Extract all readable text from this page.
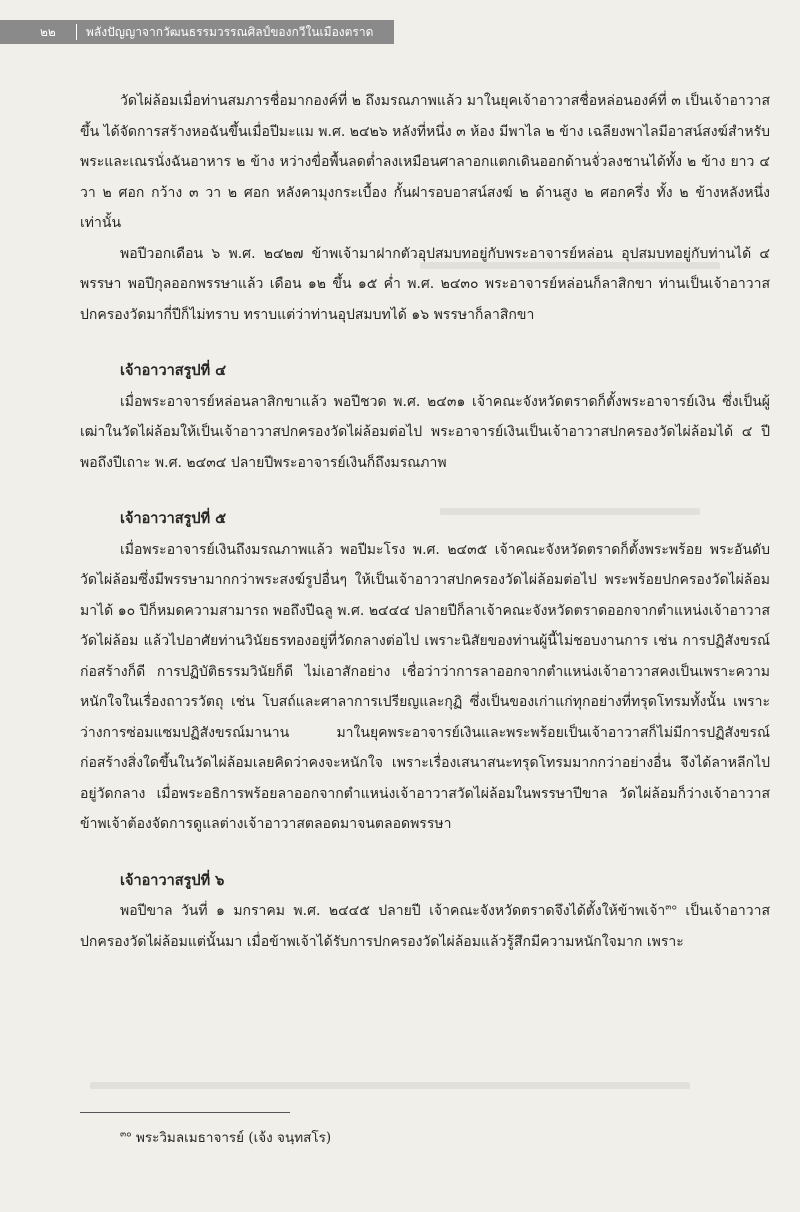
๒๒	พลังปัญญาจากวัฒนธรรมวรรณศิลป์ของกวีในเมืองตราด

วัดไผ่ล้อมเมื่อท่านสมภารชื่อมากองค์ที่ ๒ ถึงมรณภาพแล้ว มาในยุคเจ้าอาวาสชื่อหล่อนองค์ที่ ๓ เป็นเจ้าอาวาสขึ้น ได้จัดการสร้างหอฉันขึ้นเมื่อปีมะแม พ.ศ. ๒๔๒๖ หลังที่หนึ่ง ๓ ห้อง มีพาไล ๒ ข้าง เฉลียงพาไลมีอาสน์สงฆ์สำหรับพระและเณรนั่งฉันอาหาร ๒ ข้าง หว่างขื่อพื้นลดต่ำลงเหมือนศาลาอกแตกเดินออกด้านจั่วลงชานได้ทั้ง ๒ ข้าง ยาว ๔ วา ๒ ศอก กว้าง ๓ วา ๒ ศอก หลังคามุงกระเบื้อง กั้นฝารอบอาสน์สงฆ์ ๒ ด้านสูง ๒ ศอกครึ่ง ทั้ง ๒ ข้างหลังหนึ่งเท่านั้น

พอปีวอกเดือน ๖ พ.ศ. ๒๔๒๗ ข้าพเจ้ามาฝากตัวอุปสมบทอยู่กับพระอาจารย์หล่อน อุปสมบทอยู่กับท่านได้ ๔ พรรษา พอปีกุลออกพรรษาแล้ว เดือน ๑๒ ขึ้น ๑๕ ค่ำ พ.ศ. ๒๔๓๐ พระอาจารย์หล่อนก็ลาสิกขา ท่านเป็นเจ้าอาวาสปกครองวัดมากี่ปีก็ไม่ทราบ ทราบแต่ว่าท่านอุปสมบทได้ ๑๖ พรรษาก็ลาสิกขา

เจ้าอาวาสรูปที่ ๔

เมื่อพระอาจารย์หล่อนลาสิกขาแล้ว พอปีชวด พ.ศ. ๒๔๓๑ เจ้าคณะจังหวัดตราดก็ตั้งพระอาจารย์เงิน ซึ่งเป็นผู้เฒ่าในวัดไผ่ล้อมให้เป็นเจ้าอาวาสปกครองวัดไผ่ล้อมต่อไป พระอาจารย์เงินเป็นเจ้าอาวาสปกครองวัดไผ่ล้อมได้ ๔ ปี พอถึงปีเถาะ พ.ศ. ๒๔๓๔ ปลายปีพระอาจารย์เงินก็ถึงมรณภาพ

เจ้าอาวาสรูปที่ ๕

เมื่อพระอาจารย์เงินถึงมรณภาพแล้ว พอปีมะโรง พ.ศ. ๒๔๓๕ เจ้าคณะจังหวัดตราดก็ตั้งพระพร้อย พระอันดับวัดไผ่ล้อมซึ่งมีพรรษามากกว่าพระสงฆ์รูปอื่นๆ ให้เป็นเจ้าอาวาสปกครองวัดไผ่ล้อมต่อไป พระพร้อยปกครองวัดไผ่ล้อมมาได้ ๑๐ ปีก็หมดความสามารถ พอถึงปีฉลู พ.ศ. ๒๔๔๔ ปลายปีก็ลาเจ้าคณะจังหวัดตราดออกจากตำแหน่งเจ้าอาวาสวัดไผ่ล้อม แล้วไปอาศัยท่านวินัยธรทองอยู่ที่วัดกลางต่อไป เพราะนิสัยของท่านผู้นี้ไม่ชอบงานการ เช่น การปฏิสังขรณ์ก่อสร้างก็ดี การปฏิบัติธรรมวินัยก็ดี ไม่เอาสักอย่าง เชื่อว่าว่าการลาออกจากตำแหน่งเจ้าอาวาสคงเป็นเพราะความหนักใจในเรื่องถาวรวัตถุ เช่น โบสถ์และศาลาการเปรียญและกุฏิ ซึ่งเป็นของเก่าแก่ทุกอย่างที่ทรุดโทรมทั้งนั้น เพราะว่างการซ่อมแซมปฏิสังขรณ์มานาน มาในยุคพระอาจารย์เงินและพระพร้อยเป็นเจ้าอาวาสก็ไม่มีการปฏิสังขรณ์ก่อสร้างสิ่งใดขึ้นในวัดไผ่ล้อมเลยคิดว่าคงจะหนักใจ เพราะเรื่องเสนาสนะทรุดโทรมมากกว่าอย่างอื่น จึงได้ลาหลีกไปอยู่วัดกลาง เมื่อพระอธิการพร้อยลาออกจากตำแหน่งเจ้าอาวาสวัดไผ่ล้อมในพรรษาปีขาล วัดไผ่ล้อมก็ว่างเจ้าอาวาส ข้าพเจ้าต้องจัดการดูแลต่างเจ้าอาวาสตลอดมาจนตลอดพรรษา

เจ้าอาวาสรูปที่ ๖

พอปีขาล วันที่ ๑ มกราคม พ.ศ. ๒๔๔๕ ปลายปี เจ้าคณะจังหวัดตราดจึงได้ตั้งให้ข้าพเจ้า$^{๓๐}$ เป็นเจ้าอาวาสปกครองวัดไผ่ล้อมแต่นั้นมา เมื่อข้าพเจ้าได้รับการปกครองวัดไผ่ล้อมแล้วรู้สึกมีความหนักใจมาก เพราะ

$^{๓๐}$ พระวิมลเมธาจารย์ (เจ้ง จนฺทสโร)
